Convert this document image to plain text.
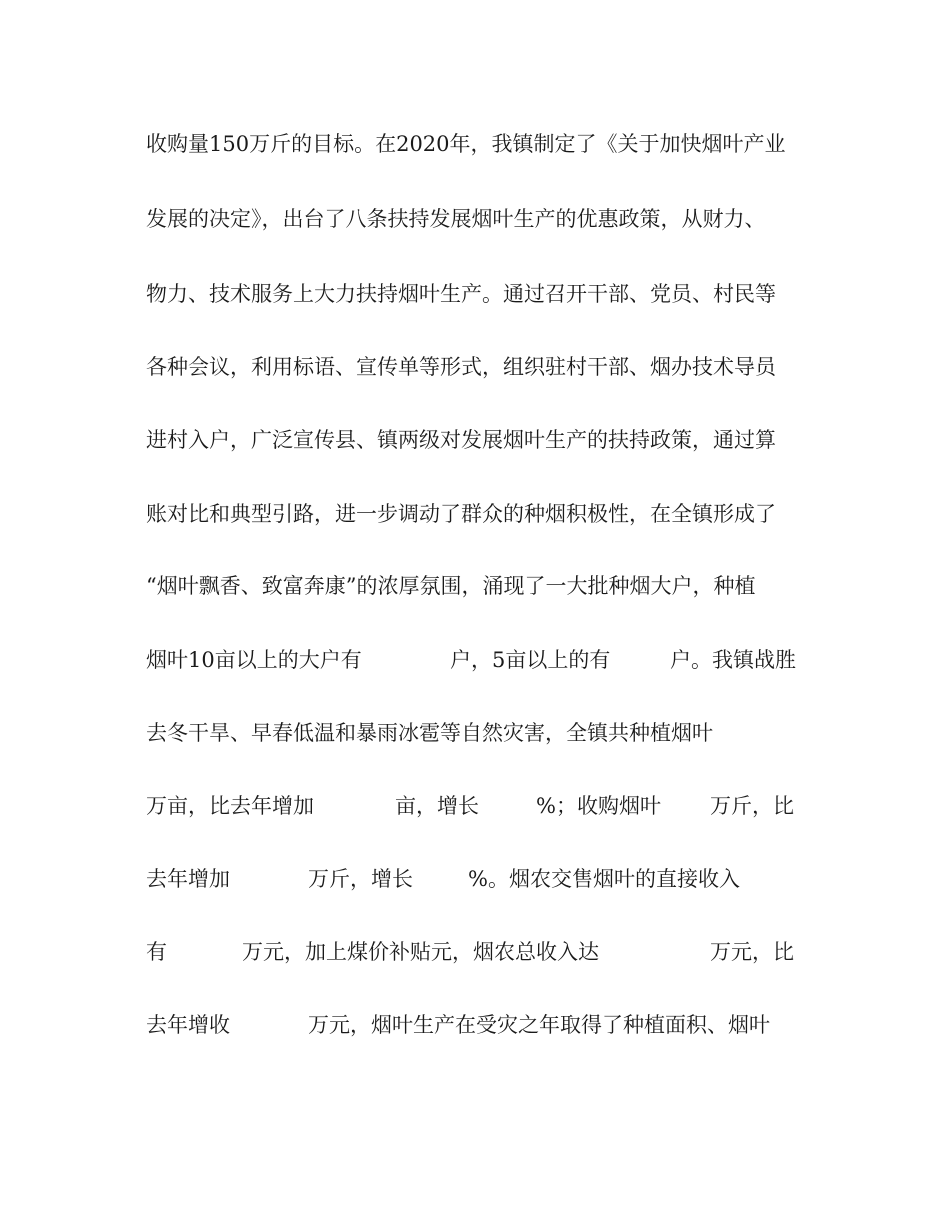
收购量150万斤的目标。在2020年，我镇制定了《关于加快烟叶产业
发展的决定》，出台了八条扶持发展烟叶生产的优惠政策，从财力、
物力、技术服务上大力扶持烟叶生产。通过召开干部、党员、村民等
各种会议，利用标语、宣传单等形式，组织驻村干部、烟办技术导员
进村入户，广泛宣传县、镇两级对发展烟叶生产的扶持政策，通过算
账对比和典型引路，进一步调动了群众的种烟积极性，在全镇形成了
“烟叶飘香、致富奔康”的浓厚氛围，涌现了一大批种烟大户，种植

烟叶10亩以上的大户有

	户，5亩以上的有

	户。我镇战胜

去冬干旱、早春低温和暴雨冰雹等自然灾害，全镇共种植烟叶

万亩，比去年增加

	亩，增长

	%；收购烟叶

万斤，比

去年增加

	万斤，增长

	%。烟农交售烟叶的直接收入

有

	万元，加上煤价补贴元，烟农总收入达

	万元，比

去年增收

	万元，烟叶生产在受灾之年取得了种植面积、烟叶
